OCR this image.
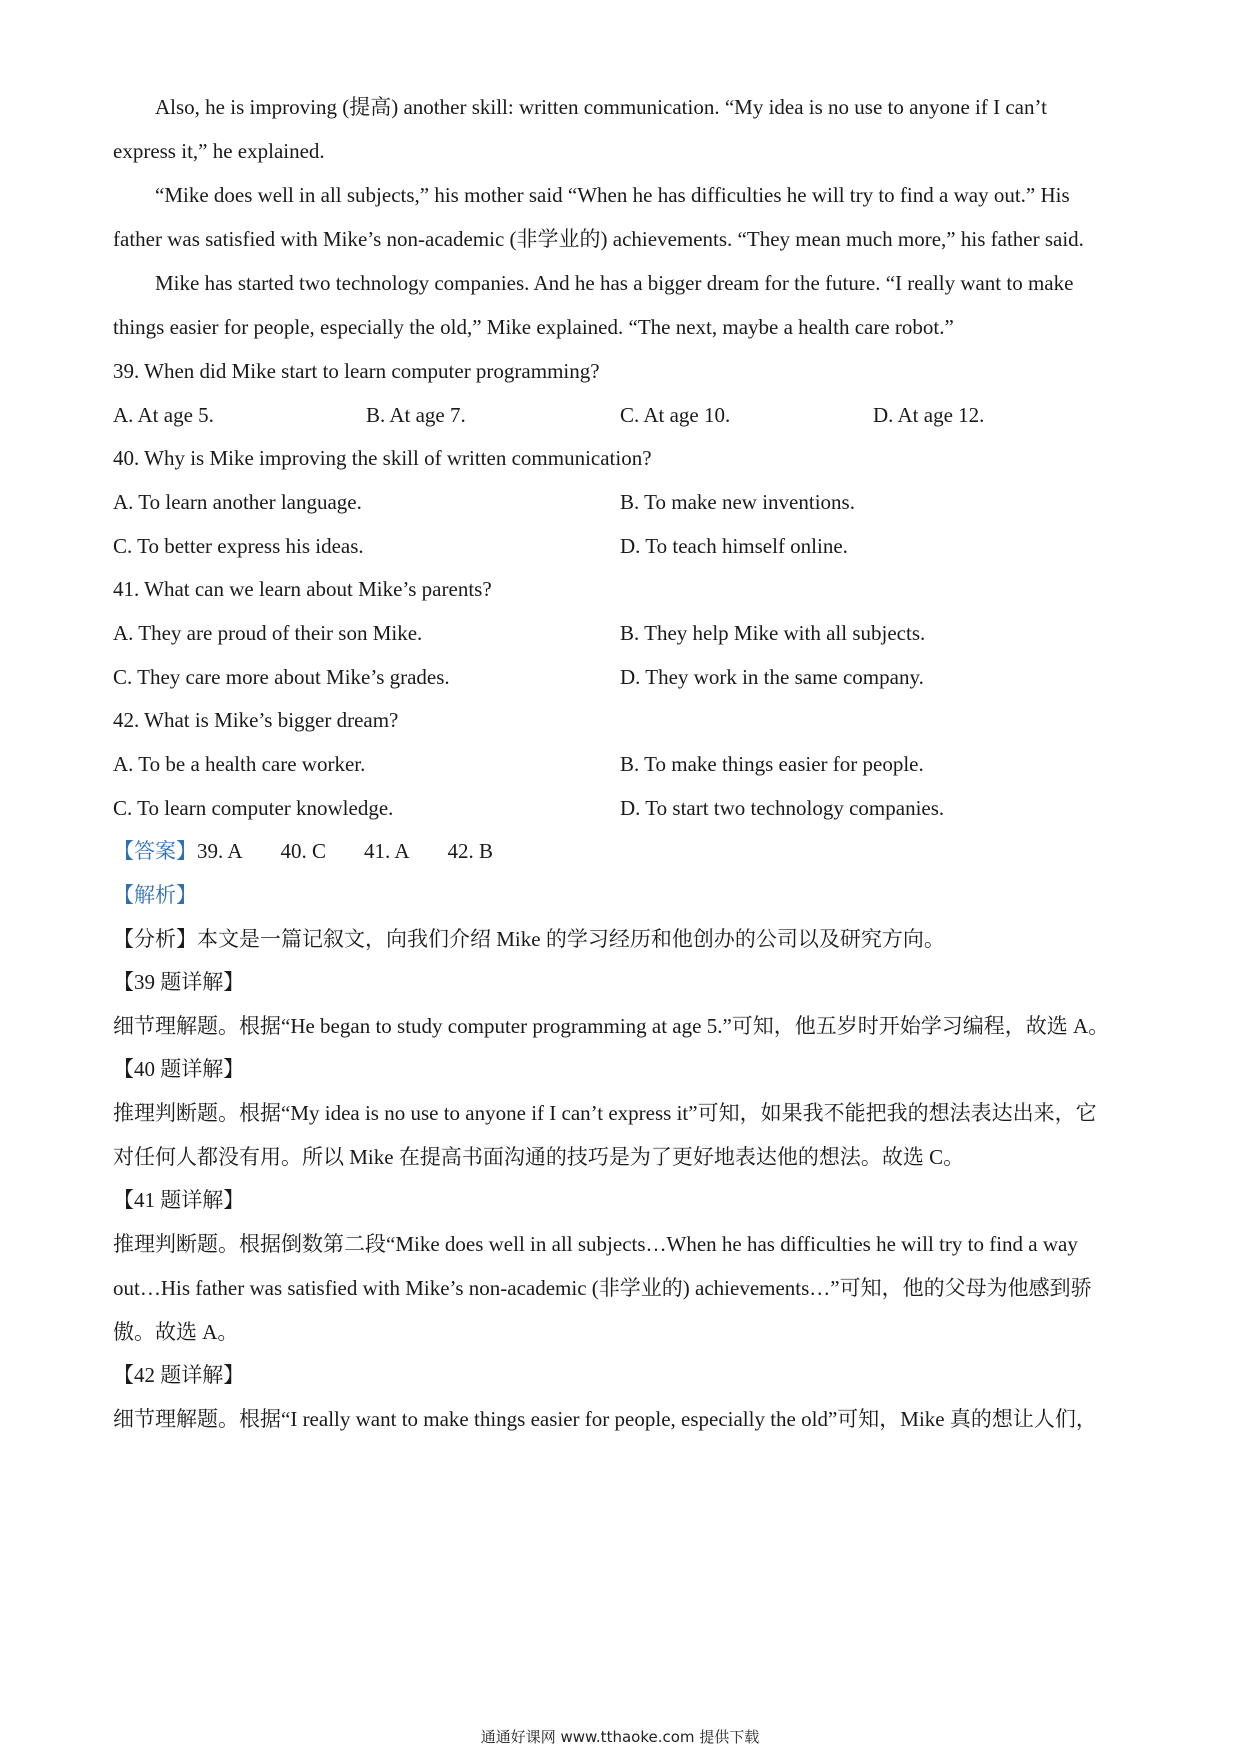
Also, he is improving (提高) another skill: written communication. “My idea is no use to anyone if I can’t
express it,” he explained.
“Mike does well in all subjects,” his mother said “When he has difficulties he will try to find a way out.” His
father was satisfied with Mike’s non-academic (非学业的) achievements. “They mean much more,” his father said.
Mike has started two technology companies. And he has a bigger dream for the future. “I really want to make
things easier for people, especially the old,” Mike explained. “The next, maybe a health care robot.”
39. When did Mike start to learn computer programming?
A. At age 5.	B. At age 7.	C. At age 10.	D. At age 12.
40. Why is Mike improving the skill of written communication?
A. To learn another language.	B. To make new inventions.
C. To better express his ideas.	D. To teach himself online.
41. What can we learn about Mike’s parents?
A. They are proud of their son Mike.	B. They help Mike with all subjects.
C. They care more about Mike’s grades.	D. They work in the same company.
42. What is Mike’s bigger dream?
A. To be a health care worker.	B. To make things easier for people.
C. To learn computer knowledge.	D. To start two technology companies.
【答案】39. A 40. C 41. A 42. B
【解析】
【分析】本文是一篇记叙文，向我们介绍 Mike 的学习经历和他创办的公司以及研究方向。
【39 题详解】
细节理解题。根据“He began to study computer programming at age 5.”可知，他五岁时开始学习编程，故选 A。
【40 题详解】
推理判断题。根据“My idea is no use to anyone if I can’t express it”可知，如果我不能把我的想法表达出来，它
对任何人都没有用。所以 Mike 在提高书面沟通的技巧是为了更好地表达他的想法。故选 C。
【41 题详解】
推理判断题。根据倒数第二段“Mike does well in all subjects…When he has difficulties he will try to find a way
out…His father was satisfied with Mike’s non-academic (非学业的) achievements…”可知，他的父母为他感到骄
傲。故选 A。
【42 题详解】
细节理解题。根据“I really want to make things easier for people, especially the old”可知，Mike 真的想让人们，
通通好课网 www.tthaoke.com 提供下载
